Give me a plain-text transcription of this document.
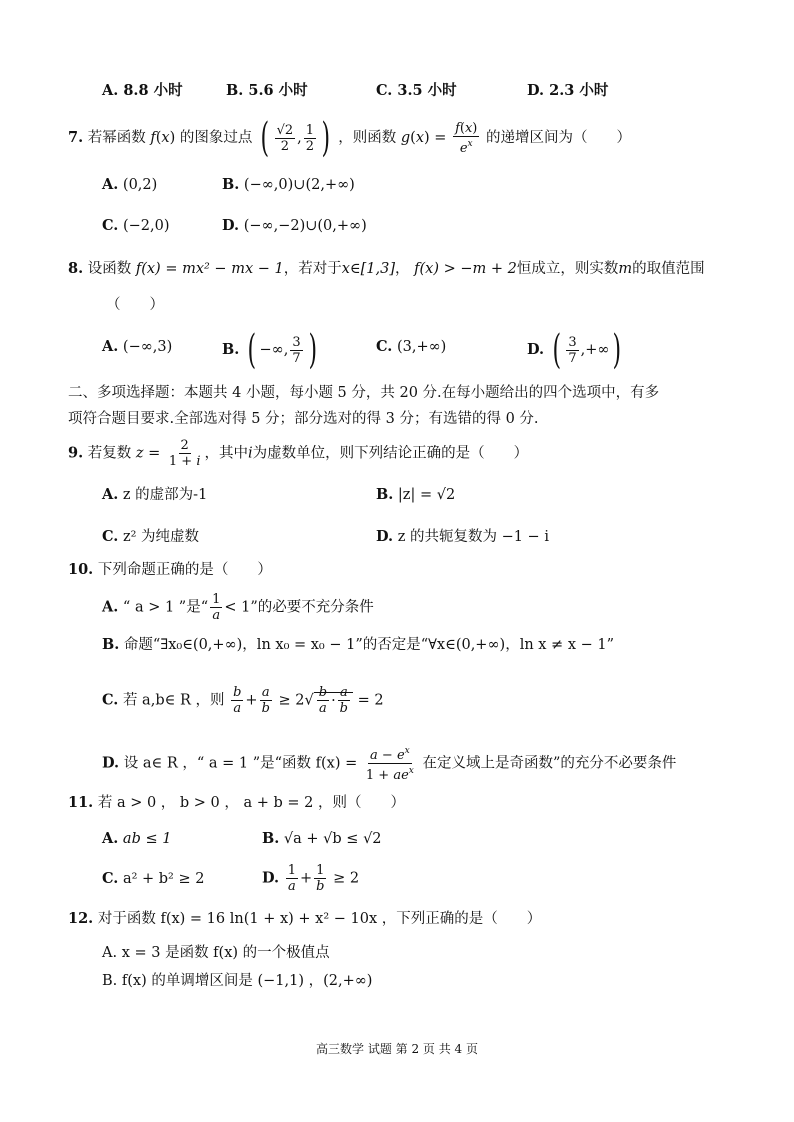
A. 8.8 小时	B. 5.6 小时	C. 3.5 小时	D. 2.3 小时
7. 若幂函数 f(x) 的图象过点 ( $\frac{√2}{2}$ , $\frac{1}{2}$ ) ，则函数 $g(x) = \frac{f(x)}{e^x}$ 的递增区间为（　　）
A. (0,2)	B. (−∞,0)∪(2,+∞)
C. (−2,0)	D. (−∞,−2)∪(0,+∞)
8. 设函数 f(x) = mx² − mx − 1，若对于x∈[1,3]， f(x) > −m + 2恒成立，则实数m的取值范围
（　　）
A. (−∞,3)	B. ( −∞, $\frac{3}{7}$ )	C. (3,+∞)	D. ( $\frac{3}{7}$ ,+∞)
二、多项选择题：本题共 4 小题，每小题 5 分，共 20 分.在每小题给出的四个选项中，有多
项符合题目要求.全部选对得 5 分；部分选对的得 3 分；有选错的得 0 分.
9. 若复数 $z = \frac{2}{1 + i}$ ，其中i为虚数单位，则下列结论正确的是（　　）
A. z 的虚部为-1	B. |z| = √2
C. z² 为纯虚数	D. z 的共轭复数为 −1 − i
10. 下列命题正确的是（　　）
A. “ a > 1 ”是“ $\frac{1}{a} < 1$”的必要不充分条件
B. 命题“∃x₀∈(0,+∞)，ln x₀ = x₀ − 1”的否定是“∀x∈(0,+∞)，ln x ≠ x − 1”
C. 若 a,b∈ R ，则 $\frac{b}{a} + \frac{a}{b} \ge 2√ \frac{b}{a} \cdot \frac{a}{b} = 2$
D. 设 a∈ R ，“ a = 1 ”是“函数 $f(x) = \frac{a - e^x}{1 + ae^x}$ 在定义域上是奇函数”的充分不必要条件
11. 若 a > 0 ， b > 0 ， a + b = 2 ，则（　　）
A. ab ≤ 1	B. √a + √b ≤ √2
C. a² + b² ≥ 2	D. $\frac{1}{a} + \frac{1}{b} \ge 2$
12. 对于函数 f(x) = 16 ln(1 + x) + x² − 10x ，下列正确的是（　　）
A. x = 3 是函数 f(x) 的一个极值点
B. f(x) 的单调增区间是 (−1,1) ，(2,+∞)
高三数学 试题 第 2 页 共 4 页
